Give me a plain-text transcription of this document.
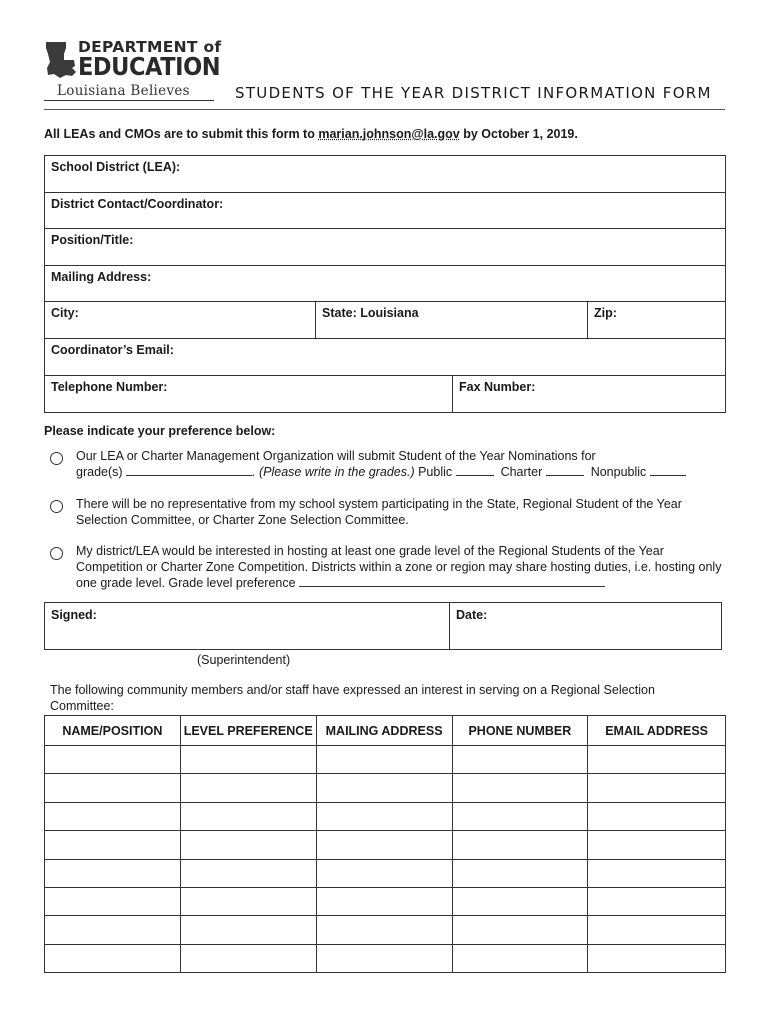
DEPARTMENT of
EDUCATION
Louisiana Believes	STUDENTS OF THE YEAR DISTRICT INFORMATION FORM
All LEAs and CMOs are to submit this form to marian.johnson@la.gov by October 1, 2019.
School District (LEA):
District Contact/Coordinator:
Position/Title:
Mailing Address:
City:	State: Louisiana	Zip:
Coordinator’s Email:
Telephone Number:	Fax Number:
Please indicate your preference below:
Our LEA or Charter Management Organization will submit Student of the Year Nominations for
grade(s)	. (Please write in the grades.) Public	Charter	Nonpublic
There will be no representative from my school system participating in the State, Regional Student of the Year Selection Committee, or Charter Zone Selection Committee.
My district/LEA would be interested in hosting at least one grade level of the Regional Students of the Year Competition or Charter Zone Competition. Districts within a zone or region may share hosting duties, i.e. hosting only one grade level. Grade level preference
Signed:	Date:
(Superintendent)
The following community members and/or staff have expressed an interest in serving on a Regional Selection Committee:
NAME/POSITION	LEVEL PREFERENCE	MAILING ADDRESS	PHONE NUMBER	EMAIL ADDRESS
